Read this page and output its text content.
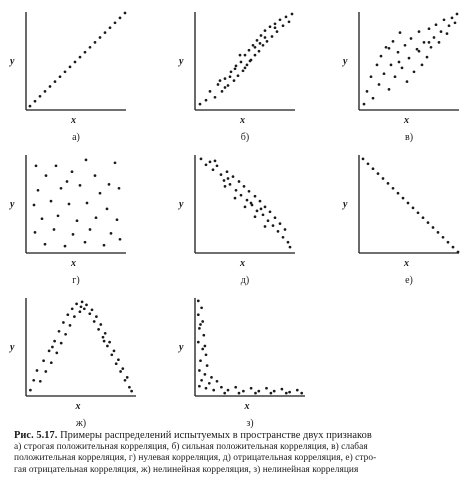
y
x
а)
y
x
б)
y
x
в)
y
x
г)
y
x
д)
y
x
е)
y
x
ж)
y
x
з)
Рис. 5.17. Примеры распределений испытуемых в пространстве двух признаков
а) строгая положительная корреляция, б) сильная положительная корреляция, в) слабая
положительная корреляция, г) нулевая корреляция, д) отрицательная корреляция, е) стро-
гая отрицательная корреляция, ж) нелинейная корреляция, з) нелинейная корреляция
